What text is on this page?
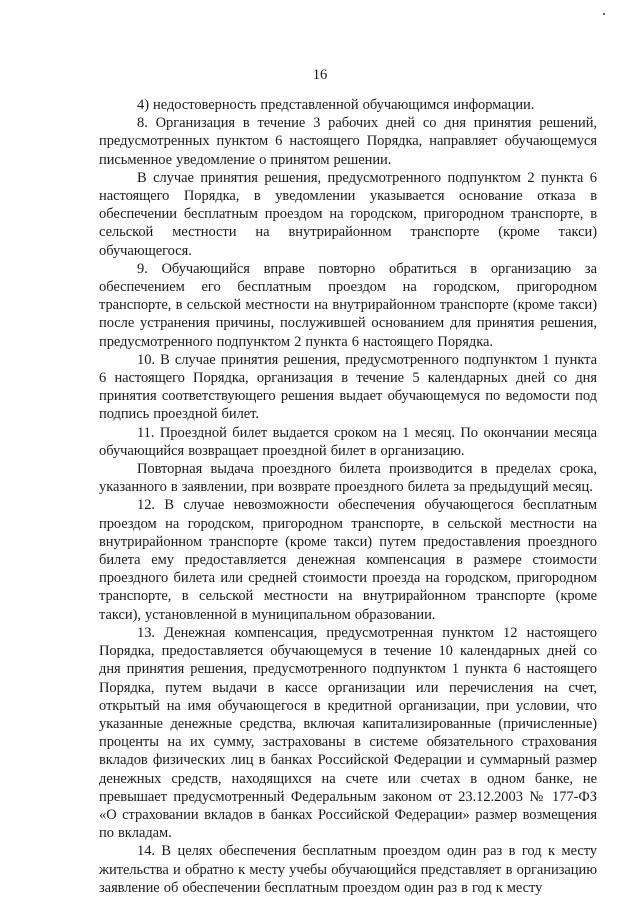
16

4) недостоверность представленной обучающимся информации.

8. Организация в течение 3 рабочих дней со дня принятия решений, предусмотренных пунктом 6 настоящего Порядка, направляет обучающемуся письменное уведомление о принятом решении.

В случае принятия решения, предусмотренного подпунктом 2 пункта 6 настоящего Порядка, в уведомлении указывается основание отказа в обеспечении бесплатным проездом на городском, пригородном транспорте, в сельской местности на внутрирайонном транспорте (кроме такси) обучающегося.

9. Обучающийся вправе повторно обратиться в организацию за обеспечением его бесплатным проездом на городском, пригородном транспорте, в сельской местности на внутрирайонном транспорте (кроме такси) после устранения причины, послужившей основанием для принятия решения, предусмотренного подпунктом 2 пункта 6 настоящего Порядка.

10. В случае принятия решения, предусмотренного подпунктом 1 пункта 6 настоящего Порядка, организация в течение 5 календарных дней со дня принятия соответствующего решения выдает обучающемуся по ведомости под подпись проездной билет.

11. Проездной билет выдается сроком на 1 месяц. По окончании месяца обучающийся возвращает проездной билет в организацию.

Повторная выдача проездного билета производится в пределах срока, указанного в заявлении, при возврате проездного билета за предыдущий месяц.

12. В случае невозможности обеспечения обучающегося бесплатным проездом на городском, пригородном транспорте, в сельской местности на внутрирайонном транспорте (кроме такси) путем предоставления проездного билета ему предоставляется денежная компенсация в размере стоимости проездного билета или средней стоимости проезда на городском, пригородном транспорте, в сельской местности на внутрирайонном транспорте (кроме такси), установленной в муниципальном образовании.

13. Денежная компенсация, предусмотренная пунктом 12 настоящего Порядка, предоставляется обучающемуся в течение 10 календарных дней со дня принятия решения, предусмотренного подпунктом 1 пункта 6 настоящего Порядка, путем выдачи в кассе организации или перечисления на счет, открытый на имя обучающегося в кредитной организации, при условии, что указанные денежные средства, включая капитализированные (причисленные) проценты на их сумму, застрахованы в системе обязательного страхования вкладов физических лиц в банках Российской Федерации и суммарный размер денежных средств, находящихся на счете или счетах в одном банке, не превышает предусмотренный Федеральным законом от 23.12.2003 № 177-ФЗ «О страховании вкладов в банках Российской Федерации» размер возмещения по вкладам.

14. В целях обеспечения бесплатным проездом один раз в год к месту жительства и обратно к месту учебы обучающийся представляет в организацию заявление об обеспечении бесплатным проездом один раз в год к месту
